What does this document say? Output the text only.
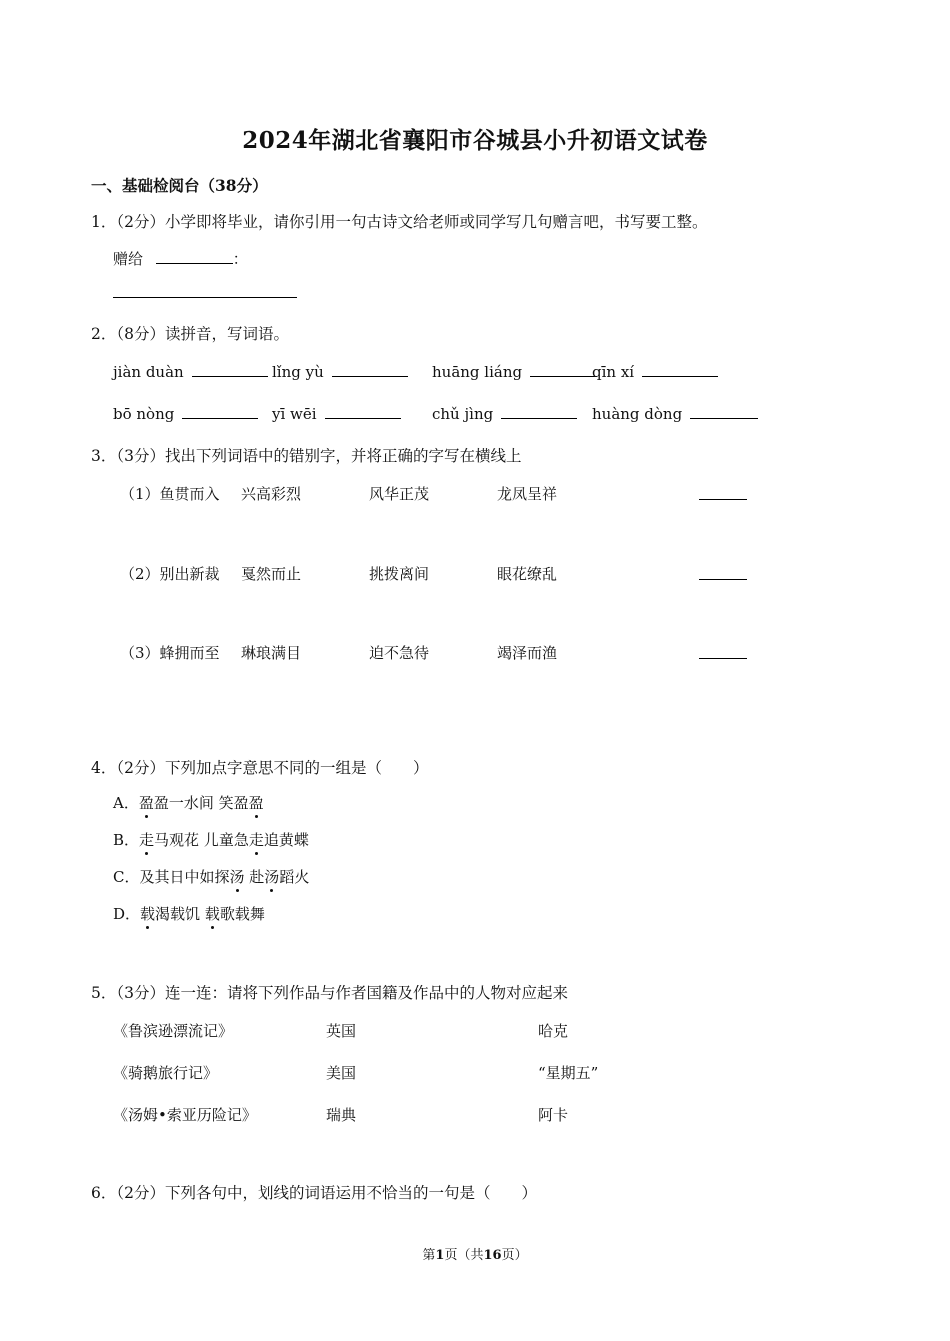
2024年湖北省襄阳市谷城县小升初语文试卷
一、基础检阅台（38分）
1．（2分）小学即将毕业，请你引用一句古诗文给老师或同学写几句赠言吧，书写要工整。
赠给	：
2．（8分）读拼音，写词语。
jiàn duàn	lǐng yù	huāng liáng	qīn xí
bō nòng	yī wēi	chǔ jìng	huàng dòng
3．（3分）找出下列词语中的错别字，并将正确的字写在横线上
（1）鱼贯而入 兴高彩烈	风华正茂	龙凤呈祥
（2）别出新裁 戛然而止	挑拨离间	眼花缭乱
（3）蜂拥而至 琳琅满目	迫不急待	竭泽而渔
4．（2分）下列加点字意思不同的一组是（　　）
A．盈盈一水间 笑盈盈
B．走马观花 儿童急走追黄蝶
C．及其日中如探汤 赴汤蹈火
D．载渴载饥 载歌载舞
5．（3分）连一连：请将下列作品与作者国籍及作品中的人物对应起来
《鲁滨逊漂流记》	英国	哈克
《骑鹅旅行记》	美国	“星期五”
《汤姆•索亚历险记》	瑞典	阿卡
6．（2分）下列各句中，划线的词语运用不恰当的一句是（　　）
第1页（共16页）
